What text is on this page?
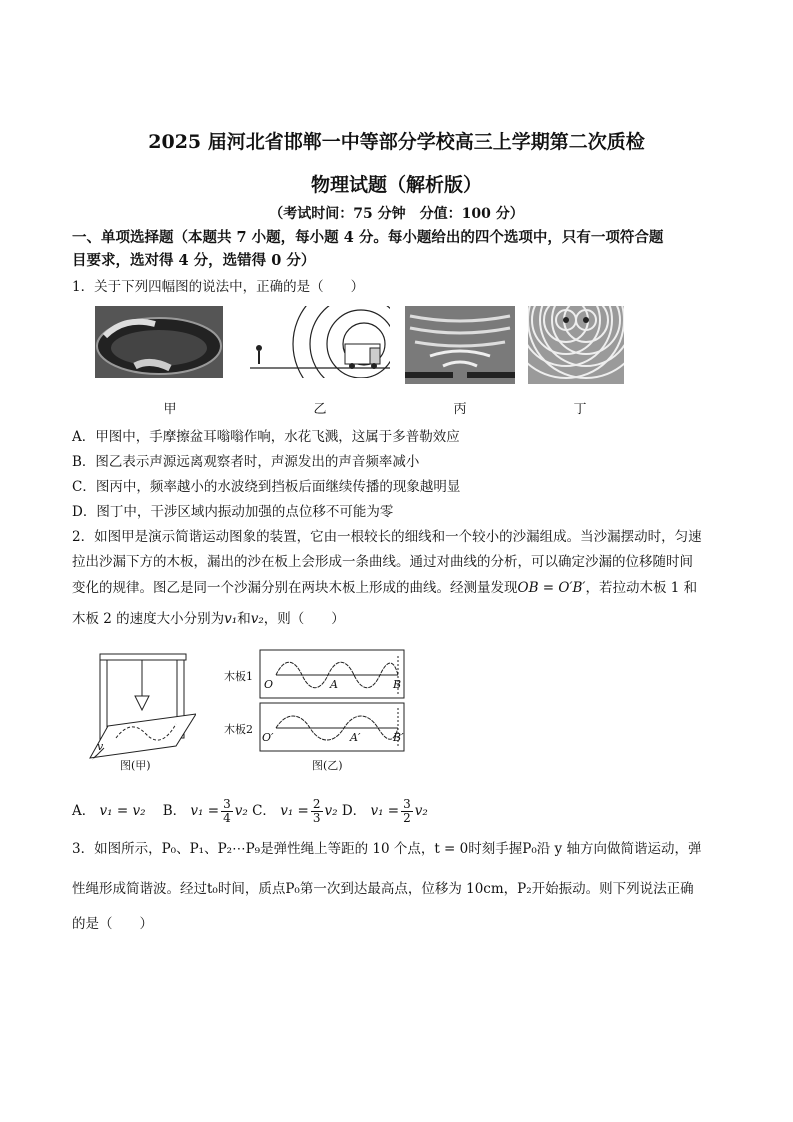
2025 届河北省邯郸一中等部分学校高三上学期第二次质检
物理试题（解析版）
（考试时间：75 分钟　分值：100 分）
一、单项选择题（本题共 7 小题，每小题 4 分。每小题给出的四个选项中，只有一项符合题
目要求，选对得 4 分，选错得 0 分）
1．关于下列四幅图的说法中，正确的是（　　）
甲	乙	丙	丁
A．甲图中，手摩擦盆耳嗡嗡作响，水花飞溅，这属于多普勒效应
B．图乙表示声源远离观察者时，声源发出的声音频率减小
C．图丙中，频率越小的水波绕到挡板后面继续传播的现象越明显
D．图丁中，干涉区域内振动加强的点位移不可能为零
2．如图甲是演示简谐运动图象的装置，它由一根较长的细线和一个较小的沙漏组成。当沙漏摆动时，匀速
拉出沙漏下方的木板，漏出的沙在板上会形成一条曲线。通过对曲线的分析，可以确定沙漏的位移随时间
变化的规律。图乙是同一个沙漏分别在两块木板上形成的曲线。经测量发现OB = O′B′，若拉动木板 1 和
木板 2 的速度大小分别为v₁和v₂，则（　　）
v
图(甲)
木板1
木板2
O	A	B
O′	A′	B′
图(乙)
A． v₁ = v₂ B． $v_1 = \frac{3}{4} v_2$ C． $v_1 = \frac{2}{3} v_2$ D． $v_1 = \frac{3}{2} v_2$
3．如图所示，P₀、P₁、P₂⋯P₉是弹性绳上等距的 10 个点，t = 0时刻手握P₀沿 y 轴方向做简谐运动，弹
性绳形成简谐波。经过t₀时间，质点P₀第一次到达最高点，位移为 10cm，P₂开始振动。则下列说法正确
的是（　　）
